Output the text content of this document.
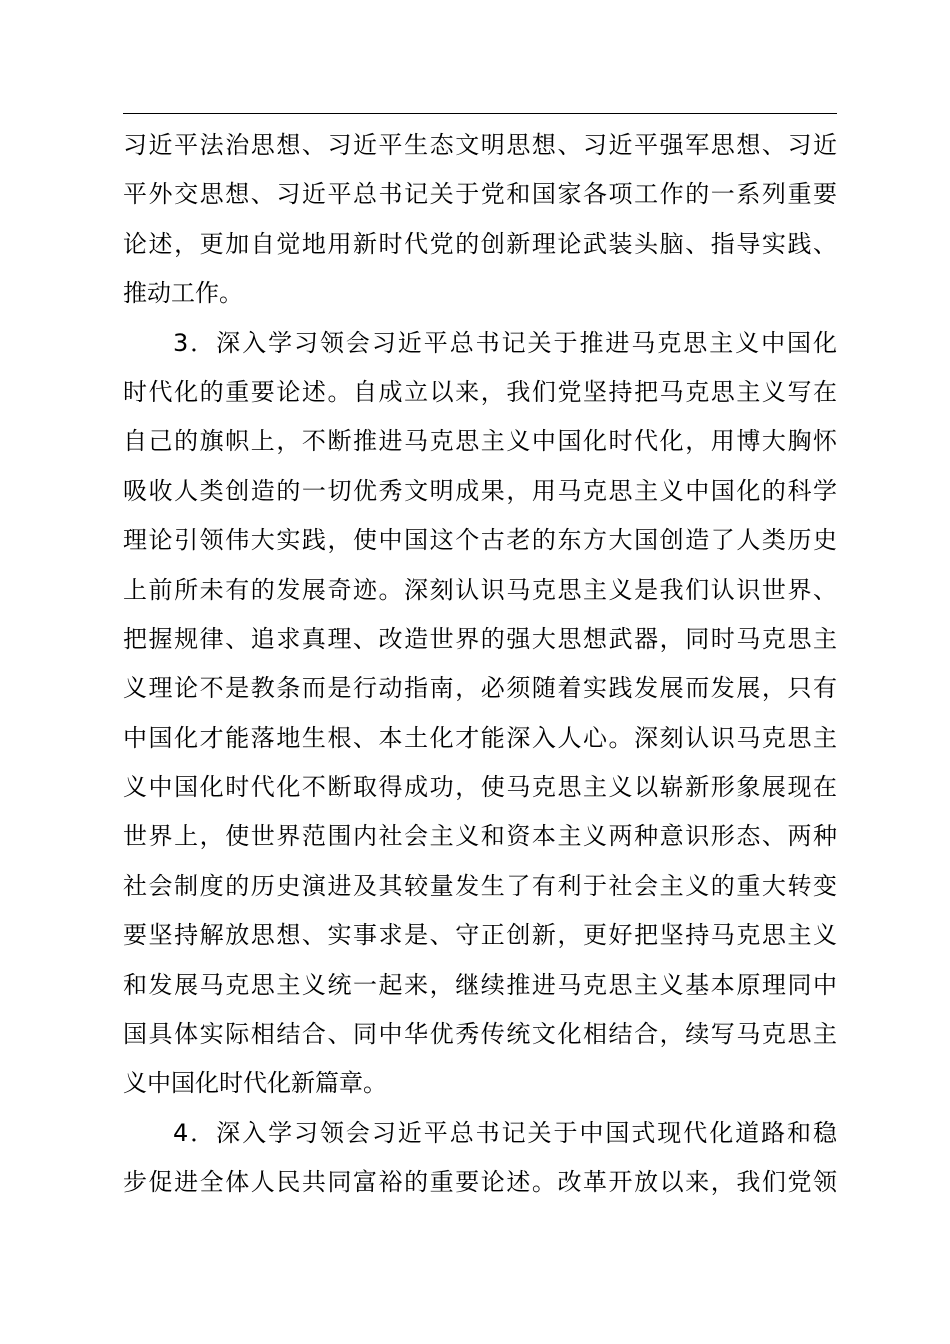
习近平法治思想、习近平生态文明思想、习近平强军思想、习近
平外交思想、习近平总书记关于党和国家各项工作的一系列重要
论述，更加自觉地用新时代党的创新理论武装头脑、指导实践、
推动工作。
3．深入学习领会习近平总书记关于推进马克思主义中国化
时代化的重要论述。自成立以来，我们党坚持把马克思主义写在
自己的旗帜上，不断推进马克思主义中国化时代化，用博大胸怀
吸收人类创造的一切优秀文明成果，用马克思主义中国化的科学
理论引领伟大实践，使中国这个古老的东方大国创造了人类历史
上前所未有的发展奇迹。深刻认识马克思主义是我们认识世界、
把握规律、追求真理、改造世界的强大思想武器，同时马克思主
义理论不是教条而是行动指南，必须随着实践发展而发展，只有
中国化才能落地生根、本土化才能深入人心。深刻认识马克思主
义中国化时代化不断取得成功，使马克思主义以崭新形象展现在
世界上，使世界范围内社会主义和资本主义两种意识形态、两种
社会制度的历史演进及其较量发生了有利于社会主义的重大转变
要坚持解放思想、实事求是、守正创新，更好把坚持马克思主义
和发展马克思主义统一起来，继续推进马克思主义基本原理同中
国具体实际相结合、同中华优秀传统文化相结合，续写马克思主
义中国化时代化新篇章。
4．深入学习领会习近平总书记关于中国式现代化道路和稳
步促进全体人民共同富裕的重要论述。改革开放以来，我们党领
